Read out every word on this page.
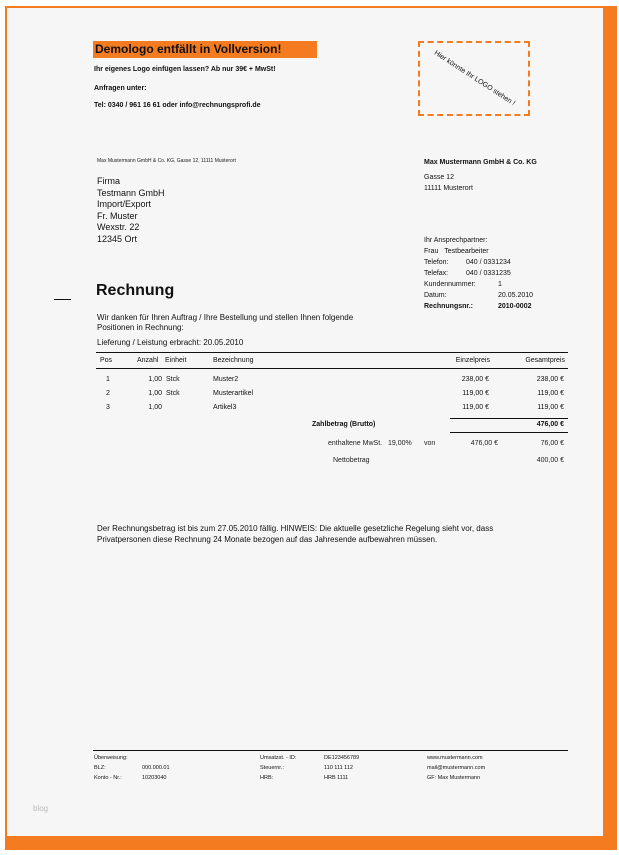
Demologo entfällt in Vollversion!
Ihr eigenes Logo einfügen lassen? Ab nur 39€ + MwSt!
Anfragen unter:
Tel: 0340 / 961 16 61 oder info@rechnungsprofi.de	Hier könnte Ihr LOGO stehen !
Max Mustermann GmbH & Co. KG, Gasse 12, 11111 Musterort
Firma
Testmann GmbH
Import/Export
Fr. Muster
Wexstr. 22
12345 Ort
Max Mustermann GmbH & Co. KG
Gasse 12
11111 Musterort
Ihr Ansprechpartner:
Frau Testbearbeiter
Telefon: 040 / 0331234
Telefax:	040 / 0331235
Kundennummer:	1
Datum:	20.05.2010
Rechnungsnr.:	2010-0002
Rechnung
Wir danken für Ihren Auftrag / Ihre Bestellung und stellen Ihnen folgende
Positionen in Rechnung:
Lieferung / Leistung erbracht: 20.05.2010
Pos	Anzahl Einheit	Bezeichnung	Einzelpreis	Gesamtpreis
1	1,00 Stck	Muster2	238,00 €	238,00 €
2	1,00 Stck	Musterartikel	119,00 €	119,00 €
3	1,00	Artikel3	119,00 €	119,00 €
Zahlbetrag (Brutto)	476,00 €
enthaltene MwSt. 19,00% von	476,00 €	76,00 €
Nettobetrag	400,00 €
Der Rechnungsbetrag ist bis zum 27.05.2010 fällig. HINWEIS: Die aktuelle gesetzliche Regelung sieht vor, dass
Privatpersonen diese Rechnung 24 Monate bezogen auf das Jahresende aufbewahren müssen.
Überweisung:
BLZ:	000.000.01
Konto - Nr.:	10203040
Umsatzst. - ID:	DE123456789
Steuernr.:	110 111 112
HRB:	HRB 1111
www.mustermann.com
mail@mustermann.com
GF: Max Mustermann
blog
